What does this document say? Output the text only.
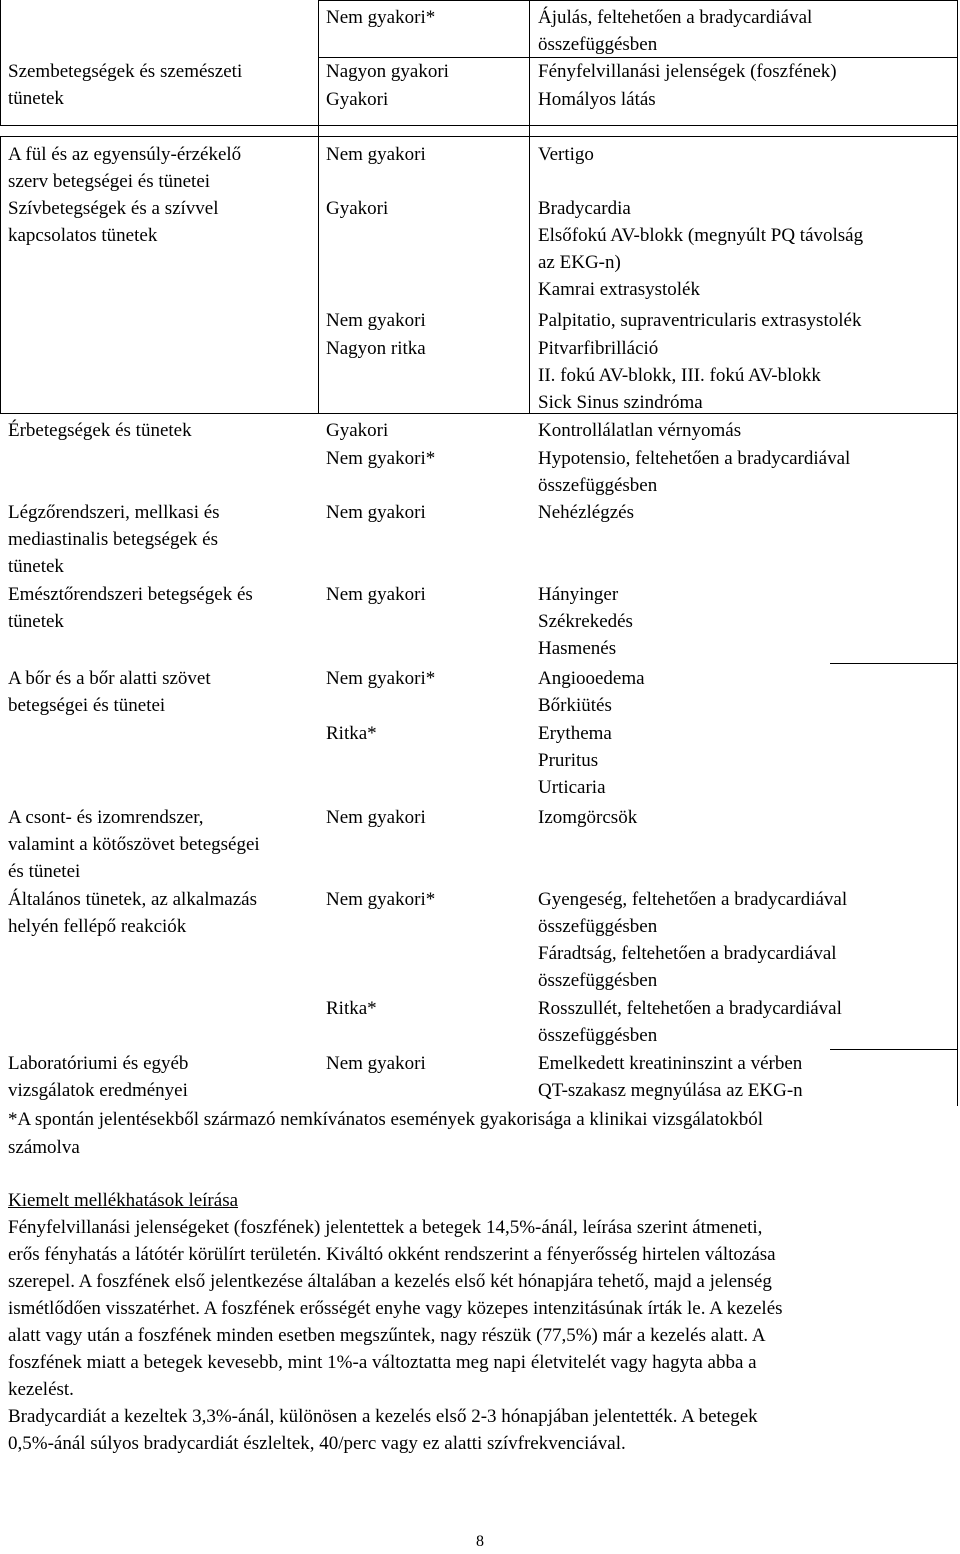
Nem gyakori*	Ájulás, feltehetően a bradycardiával
összefüggésben
Szembetegségek és szemészeti
tünetek
Nagyon gyakori	Fényfelvillanási jelenségek (foszfének)
Gyakori	Homályos látás
A fül és az egyensúly-érzékelő
szerv betegségei és tünetei
Nem gyakori	Vertigo
Szívbetegségek és a szívvel
kapcsolatos tünetek
Gyakori	Bradycardia
Elsőfokú AV-blokk (megnyúlt PQ távolság
az EKG-n)
Kamrai extrasystolék
Nem gyakori	Palpitatio, supraventricularis extrasystolék
Nagyon ritka	Pitvarfibrilláció
II. fokú AV-blokk, III. fokú AV-blokk
Sick Sinus szindróma
Érbetegségek és tünetek	Gyakori	Kontrollálatlan vérnyomás
Nem gyakori*	Hypotensio, feltehetően a bradycardiával
összefüggésben
Légzőrendszeri, mellkasi és
mediastinalis betegségek és
tünetek
Nem gyakori	Nehézlégzés
Emésztőrendszeri betegségek és
tünetek
Nem gyakori	Hányinger
Székrekedés
Hasmenés
A bőr és a bőr alatti szövet
betegségei és tünetei
Nem gyakori*	Angiooedema
Bőrkiütés
Ritka*	Erythema
Pruritus
Urticaria
A csont- és izomrendszer,
valamint a kötőszövet betegségei
és tünetei
Nem gyakori	Izomgörcsök
Általános tünetek, az alkalmazás
helyén fellépő reakciók
Nem gyakori*	Gyengeség, feltehetően a bradycardiával
összefüggésben
Fáradtság, feltehetően a bradycardiával
összefüggésben
Ritka*	Rosszullét, feltehetően a bradycardiával
összefüggésben
Laboratóriumi és egyéb
vizsgálatok eredményei
Nem gyakori	Emelkedett kreatininszint a vérben
QT-szakasz megnyúlása az EKG-n
*A spontán jelentésekből származó nemkívánatos események gyakorisága a klinikai vizsgálatokból
számolva
Kiemelt mellékhatások leírása
Fényfelvillanási jelenségeket (foszfének) jelentettek a betegek 14,5%-ánál, leírása szerint átmeneti,
erős fényhatás a látótér körülírt területén. Kiváltó okként rendszerint a fényerősség hirtelen változása
szerepel. A foszfének első jelentkezése általában a kezelés első két hónapjára tehető, majd a jelenség
ismétlődően visszatérhet. A foszfének erősségét enyhe vagy közepes intenzitásúnak írták le. A kezelés
alatt vagy után a foszfének minden esetben megszűntek, nagy részük (77,5%) már a kezelés alatt. A
foszfének miatt a betegek kevesebb, mint 1%-a változtatta meg napi életvitelét vagy hagyta abba a
kezelést.
Bradycardiát a kezeltek 3,3%-ánál, különösen a kezelés első 2-3 hónapjában jelentették. A betegek
0,5%-ánál súlyos bradycardiát észleltek, 40/perc vagy ez alatti szívfrekvenciával.
8
